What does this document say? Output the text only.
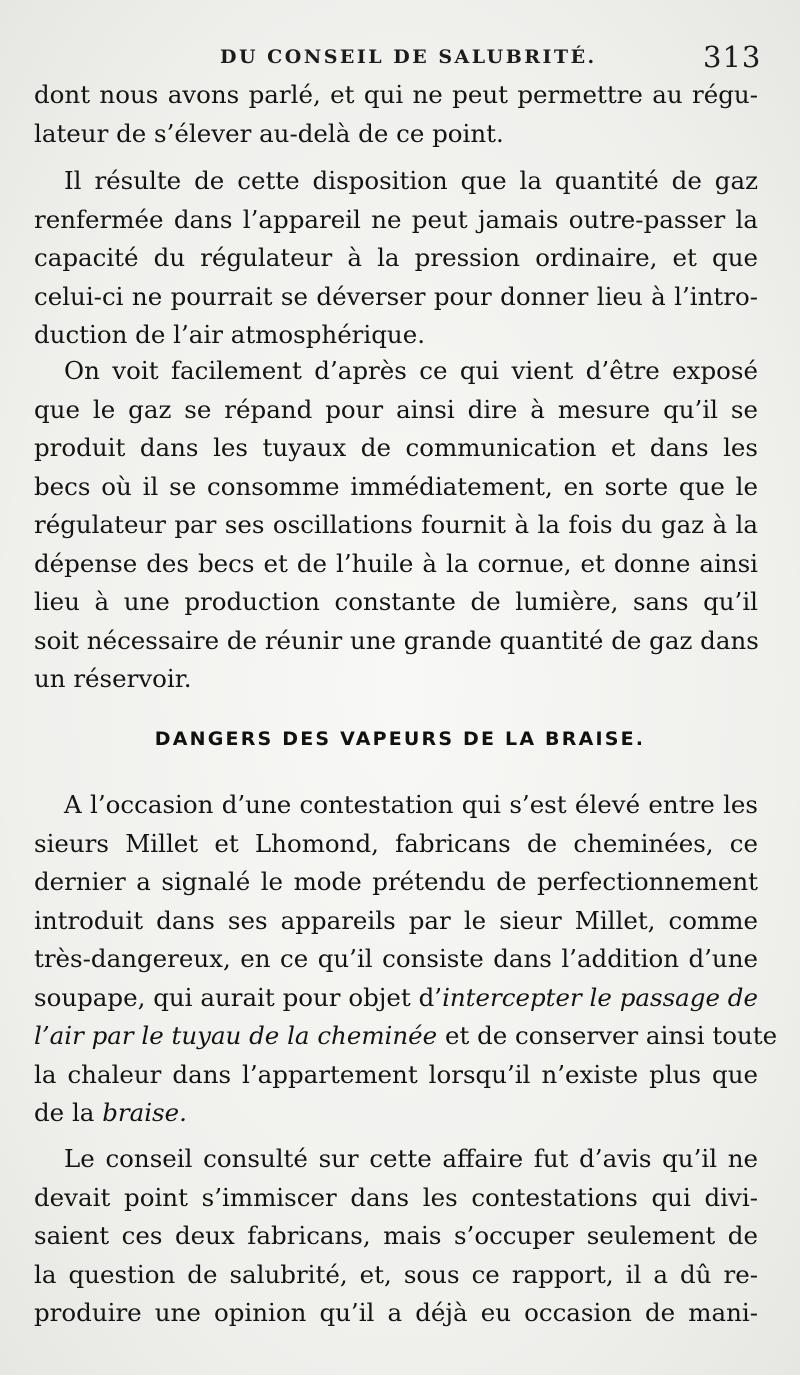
DU CONSEIL DE SALUBRITÉ.	313
dont nous avons parlé, et qui ne peut permettre au régu-
lateur de s’élever au-delà de ce point.
Il résulte de cette disposition que la quantité de gaz
renfermée dans l’appareil ne peut jamais outre-passer la
capacité du régulateur à la pression ordinaire, et que
celui-ci ne pourrait se déverser pour donner lieu à l’intro-
duction de l’air atmosphérique.
On voit facilement d’après ce qui vient d’être exposé
que le gaz se répand pour ainsi dire à mesure qu’il se
produit dans les tuyaux de communication et dans les
becs où il se consomme immédiatement, en sorte que le
régulateur par ses oscillations fournit à la fois du gaz à la
dépense des becs et de l’huile à la cornue, et donne ainsi
lieu à une production constante de lumière, sans qu’il
soit nécessaire de réunir une grande quantité de gaz dans
un réservoir.
DANGERS DES VAPEURS DE LA BRAISE.
A l’occasion d’une contestation qui s’est élevé entre les
sieurs Millet et Lhomond, fabricans de cheminées, ce
dernier a signalé le mode prétendu de perfectionnement
introduit dans ses appareils par le sieur Millet, comme
très-dangereux, en ce qu’il consiste dans l’addition d’une
soupape, qui aurait pour objet d’intercepter le passage de
l’air par le tuyau de la cheminée et de conserver ainsi toute
la chaleur dans l’appartement lorsqu’il n’existe plus que
de la braise.
Le conseil consulté sur cette affaire fut d’avis qu’il ne
devait point s’immiscer dans les contestations qui divi-
saient ces deux fabricans, mais s’occuper seulement de
la question de salubrité, et, sous ce rapport, il a dû re-
produire une opinion qu’il a déjà eu occasion de mani-
